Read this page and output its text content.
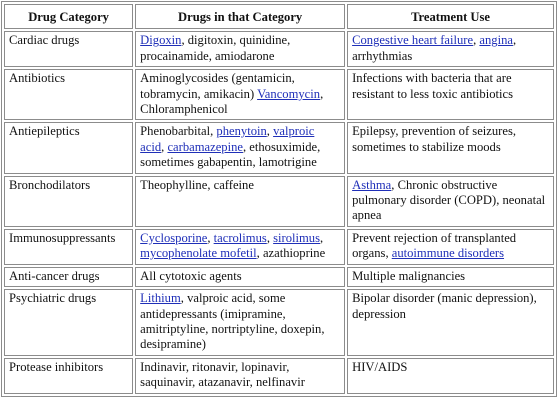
Drug Category	Drugs in that Category	Treatment Use
Cardiac drugs	Digoxin, digitoxin, quinidine, procainamide, amiodarone	Congestive heart failure, angina, arrhythmias
Antibiotics	Aminoglycosides (gentamicin, tobramycin, amikacin) Vancomycin, Chloramphenicol	Infections with bacteria that are resistant to less toxic antibiotics
Antiepileptics	Phenobarbital, phenytoin, valproic acid, carbamazepine, ethosuximide, sometimes gabapentin, lamotrigine	Epilepsy, prevention of seizures, sometimes to stabilize moods
Bronchodilators	Theophylline, caffeine	Asthma, Chronic obstructive pulmonary disorder (COPD), neonatal apnea
Immunosuppressants	Cyclosporine, tacrolimus, sirolimus, mycophenolate mofetil, azathioprine	Prevent rejection of transplanted organs, autoimmune disorders
Anti-cancer drugs	All cytotoxic agents	Multiple malignancies
Psychiatric drugs	Lithium, valproic acid, some antidepressants (imipramine, amitriptyline, nortriptyline, doxepin, desipramine)	Bipolar disorder (manic depression), depression
Protease inhibitors	Indinavir, ritonavir, lopinavir, saquinavir, atazanavir, nelfinavir	HIV/AIDS
